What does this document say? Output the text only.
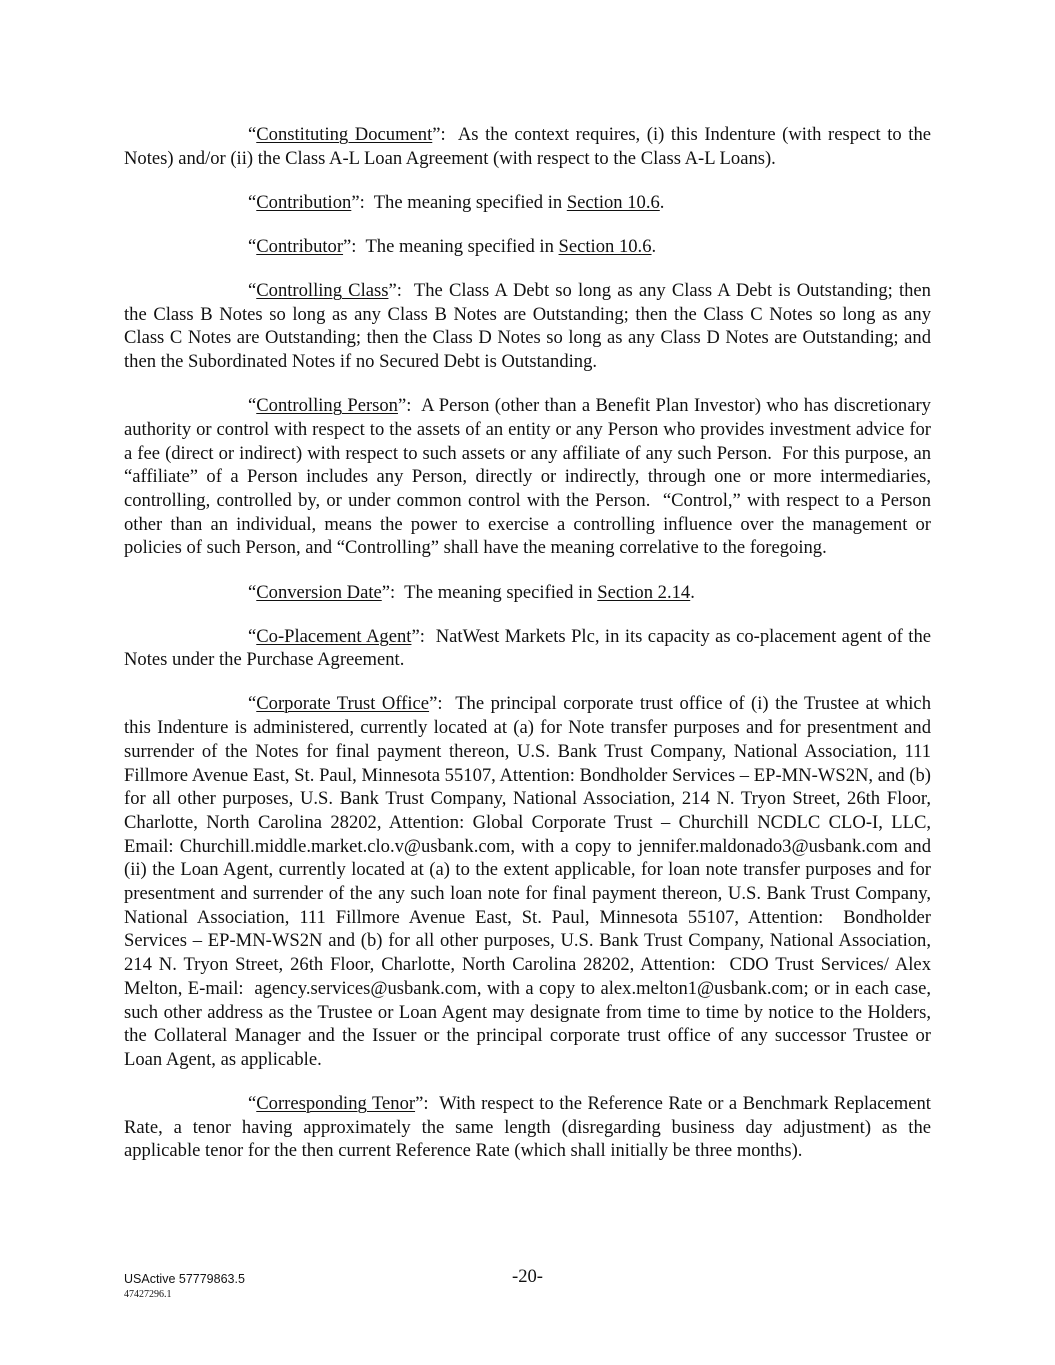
“Constituting Document”:  As the context requires, (i) this Indenture (with respect to the Notes) and/or (ii) the Class A-L Loan Agreement (with respect to the Class A-L Loans).

“Contribution”:  The meaning specified in Section 10.6.

“Contributor”:  The meaning specified in Section 10.6.

“Controlling Class”:  The Class A Debt so long as any Class A Debt is Outstanding; then the Class B Notes so long as any Class B Notes are Outstanding; then the Class C Notes so long as any Class C Notes are Outstanding; then the Class D Notes so long as any Class D Notes are Outstanding; and then the Subordinated Notes if no Secured Debt is Outstanding.

“Controlling Person”:  A Person (other than a Benefit Plan Investor) who has discretionary authority or control with respect to the assets of an entity or any Person who provides investment advice for a fee (direct or indirect) with respect to such assets or any affiliate of any such Person.  For this purpose, an “affiliate” of a Person includes any Person, directly or indirectly, through one or more intermediaries, controlling, controlled by, or under common control with the Person.  “Control,” with respect to a Person other than an individual, means the power to exercise a controlling influence over the management or policies of such Person, and “Controlling” shall have the meaning correlative to the foregoing.

“Conversion Date”:  The meaning specified in Section 2.14.

“Co-Placement Agent”:  NatWest Markets Plc, in its capacity as co-placement agent of the Notes under the Purchase Agreement.

“Corporate Trust Office”:  The principal corporate trust office of (i) the Trustee at which this Indenture is administered, currently located at (a) for Note transfer purposes and for presentment and surrender of the Notes for final payment thereon, U.S. Bank Trust Company, National Association, 111 Fillmore Avenue East, St. Paul, Minnesota 55107, Attention: Bondholder Services – EP-MN-WS2N, and (b) for all other purposes, U.S. Bank Trust Company, National Association, 214 N. Tryon Street, 26th Floor, Charlotte, North Carolina 28202, Attention: Global Corporate Trust – Churchill NCDLC CLO-I, LLC, Email: Churchill.middle.market.clo.v@usbank.com, with a copy to jennifer.maldonado3@usbank.com and (ii) the Loan Agent, currently located at (a) to the extent applicable, for loan note transfer purposes and for presentment and surrender of the any such loan note for final payment thereon, U.S. Bank Trust Company, National Association, 111 Fillmore Avenue East, St. Paul, Minnesota 55107, Attention:  Bondholder Services – EP-MN-WS2N and (b) for all other purposes, U.S. Bank Trust Company, National Association, 214 N. Tryon Street, 26th Floor, Charlotte, North Carolina 28202, Attention:  CDO Trust Services/ Alex Melton, E-mail:  agency.services@usbank.com, with a copy to alex.melton1@usbank.com; or in each case, such other address as the Trustee or Loan Agent may designate from time to time by notice to the Holders, the Collateral Manager and the Issuer or the principal corporate trust office of any successor Trustee or Loan Agent, as applicable.

“Corresponding Tenor”:  With respect to the Reference Rate or a Benchmark Replacement Rate, a tenor having approximately the same length (disregarding business day adjustment) as the applicable tenor for the then current Reference Rate (which shall initially be three months).

USActive 57779863.5
47427296.1
-20-
